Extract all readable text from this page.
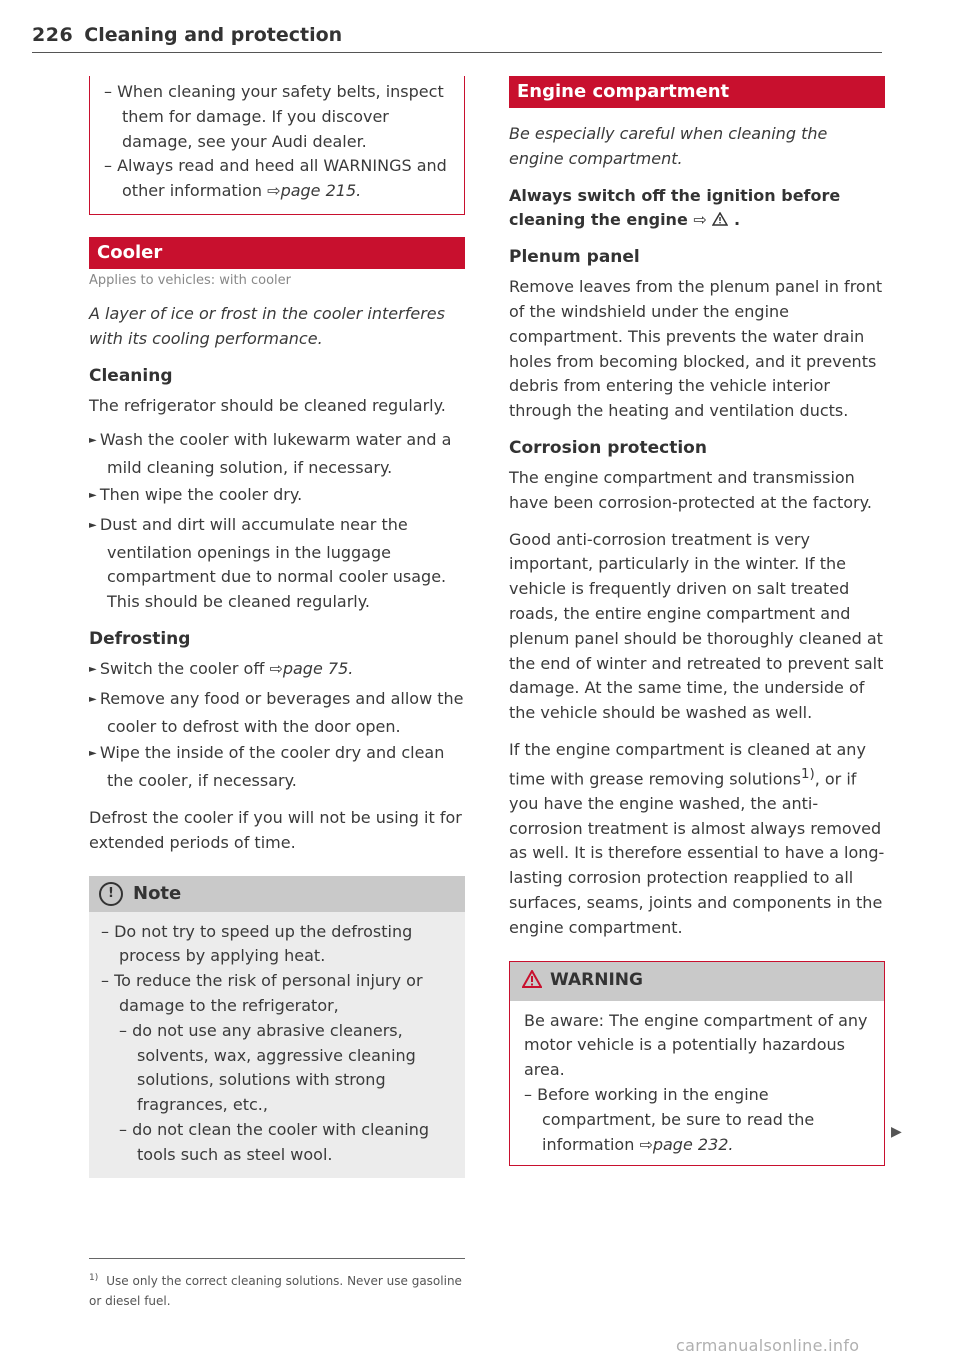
226 Cleaning and protection
– When cleaning your safety belts, inspect them for damage. If you discover damage, see your Audi dealer.
– Always read and heed all WARNINGS and other information ⇨page 215.
Cooler
Applies to vehicles: with cooler

A layer of ice or frost in the cooler interferes with its cooling performance.

Cleaning

The refrigerator should be cleaned regularly.

► Wash the cooler with lukewarm water and a mild cleaning solution, if necessary.
► Then wipe the cooler dry.
► Dust and dirt will accumulate near the ventilation openings in the luggage compartment due to normal cooler usage. This should be cleaned regularly.
Defrosting
► Switch the cooler off ⇨page 75.
► Remove any food or beverages and allow the cooler to defrost with the door open.
► Wipe the inside of the cooler dry and clean the cooler, if necessary.

Defrost the cooler if you will not be using it for extended periods of time.

! Note
– Do not try to speed up the defrosting process by applying heat.
– To reduce the risk of personal injury or damage to the refrigerator,
– do not use any abrasive cleaners, solvents, wax, aggressive cleaning solutions, solutions with strong fragrances, etc.,
– do not clean the cooler with cleaning tools such as steel wool.
Engine compartment

Be especially careful when cleaning the engine compartment.

Always switch off the ignition before cleaning the engine ⇨ .

Plenum panel

Remove leaves from the plenum panel in front of the windshield under the engine compartment. This prevents the water drain holes from becoming blocked, and it prevents debris from entering the vehicle interior through the heating and ventilation ducts.

Corrosion protection

The engine compartment and transmission have been corrosion-protected at the factory.

Good anti-corrosion treatment is very important, particularly in the winter. If the vehicle is frequently driven on salt treated roads, the entire engine compartment and plenum panel should be thoroughly cleaned at the end of winter and retreated to prevent salt damage. At the same time, the underside of the vehicle should be washed as well.

If the engine compartment is cleaned at any time with grease removing solutions$^{1)}$, or if you have the engine washed, the anti-corrosion treatment is almost always removed as well. It is therefore essential to have a long-lasting corrosion protection reapplied to all surfaces, seams, joints and components in the engine compartment.

WARNING

Be aware: The engine compartment of any motor vehicle is a potentially hazardous area.

– Before working in the engine compartment, be sure to read the information ⇨page 232.
▶
$^{1)}$ Use only the correct cleaning solutions. Never use gasoline or diesel fuel.
carmanualsonline.info
